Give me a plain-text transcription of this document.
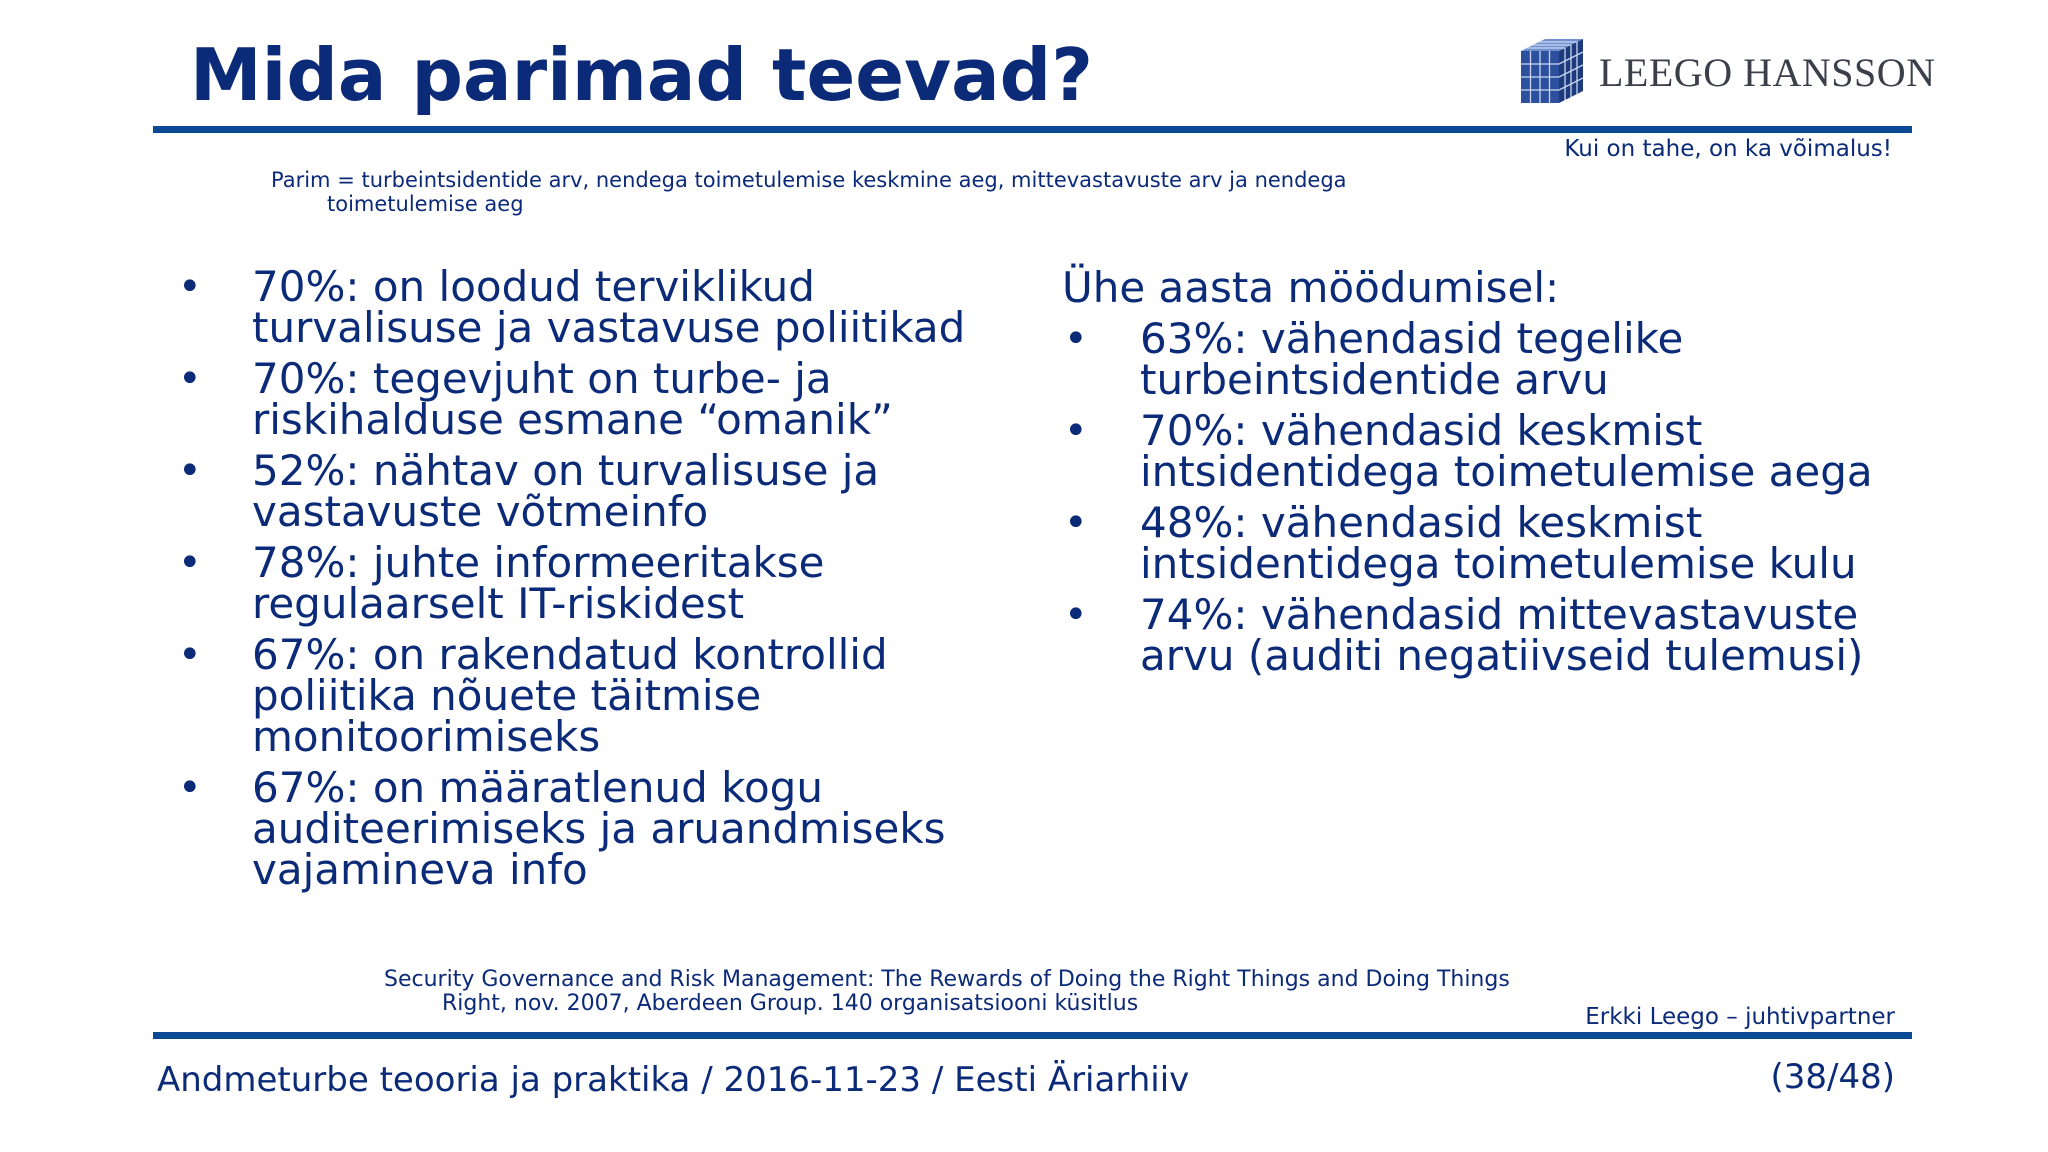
Mida parimad teevad?	LEEGO HANSSON
Kui on tahe, on ka võimalus!
Parim = turbeintsidentide arv, nendega toimetulemise keskmine aeg, mittevastavuste arv ja nendega toimetulemise aeg
• 70%: on loodud terviklikud turvalisuse ja vastavuse poliitikad
• 70%: tegevjuht on turbe- ja riskihalduse esmane “omanik”
• 52%: nähtav on turvalisuse ja vastavuste võtmeinfo
• 78%: juhte informeeritakse regulaarselt IT-riskidest
• 67%: on rakendatud kontrollid poliitika nõuete täitmise monitoorimiseks
• 67%: on määratlenud kogu auditeerimiseks ja aruandmiseks vajamineva info
Ühe aasta möödumisel:
• 63%: vähendasid tegelike turbeintsidentide arvu
• 70%: vähendasid keskmist intsidentidega toimetulemise aega
• 48%: vähendasid keskmist intsidentidega toimetulemise kulu
• 74%: vähendasid mittevastavuste arvu (auditi negatiivseid tulemusi)
Security Governance and Risk Management: The Rewards of Doing the Right Things and Doing Things Right, nov. 2007, Aberdeen Group. 140 organisatsiooni küsitlus
Erkki Leego – juhtivpartner
Andmeturbe teooria ja praktika / 2016-11-23 / Eesti Äriarhiiv	(38/48)
